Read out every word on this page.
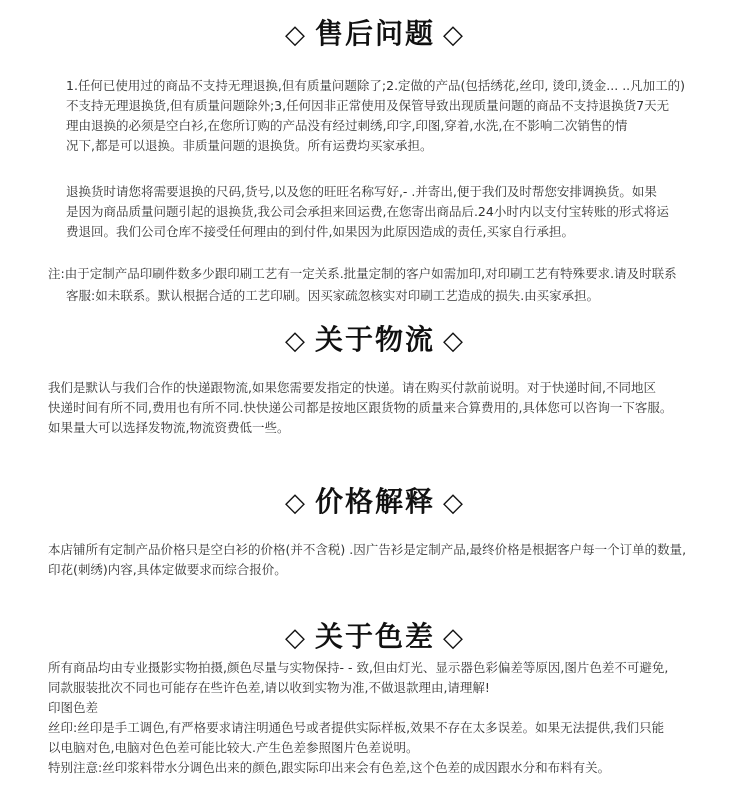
◇ 售后问题 ◇
1.任何已使用过的商品不支持无理退换,但有质量问题除了;2.定做的产品(包括绣花,丝印, 烫印,烫金... ..凡加工的)
不支持无理退换货,但有质量问题除外;3,任何因非正常使用及保管导致出现质量问题的商品不支持退换货7天无
理由退换的必须是空白衫,在您所订购的产品没有经过刺绣,印字,印图,穿着,水洗,在不影响二次销售的情
况下,都是可以退换。非质量问题的退换货。所有运费均买家承担。
退换货时请您将需要退换的尺码,货号,以及您的旺旺名称写好,- .并寄出,便于我们及时帮您安排调换货。如果
是因为商品质量问题引起的退换货,我公司会承担来回运费,在您寄出商品后.24小时内以支付宝转账的形式将运
费退回。我们公司仓库不接受任何理由的到付件,如果因为此原因造成的责任,买家自行承担。
注:由于定制产品印刷件数多少跟印刷工艺有一定关系.批量定制的客户如需加印,对印刷工艺有特殊要求.请及时联系
客服:如未联系。默认根据合适的工艺印刷。因买家疏忽核实对印刷工艺造成的损失.由买家承担。
◇ 关于物流 ◇
我们是默认与我们合作的快递跟物流,如果您需要发指定的快递。请在购买付款前说明。对于快递时间,不同地区
快递时间有所不同,费用也有所不同.快快递公司都是按地区跟货物的质量来合算费用的,具体您可以咨询一下客服。
如果量大可以选择发物流,物流资费低一些。
◇ 价格解释 ◇
本店铺所有定制产品价格只是空白衫的价格(并不含税) .因广告衫是定制产品,最终价格是根据客户每一个订单的数量,
印花(刺绣)内容,具体定做要求而综合报价。
◇ 关于色差 ◇
所有商品均由专业摄影实物拍摄,颜色尽量与实物保持- - 致,但由灯光、显示器色彩偏差等原因,图片色差不可避免,
同款服装批次不同也可能存在些许色差,请以收到实物为准,不做退款理由,请理解!
印图色差
丝印:丝印是手工调色,有严格要求请注明通色号或者提供实际样板,效果不存在太多误差。如果无法提供,我们只能
以电脑对色,电脑对色色差可能比较大.产生色差参照图片色差说明。
特别注意:丝印浆料带水分调色出来的颜色,跟实际印出来会有色差,这个色差的成因跟水分和布料有关。
